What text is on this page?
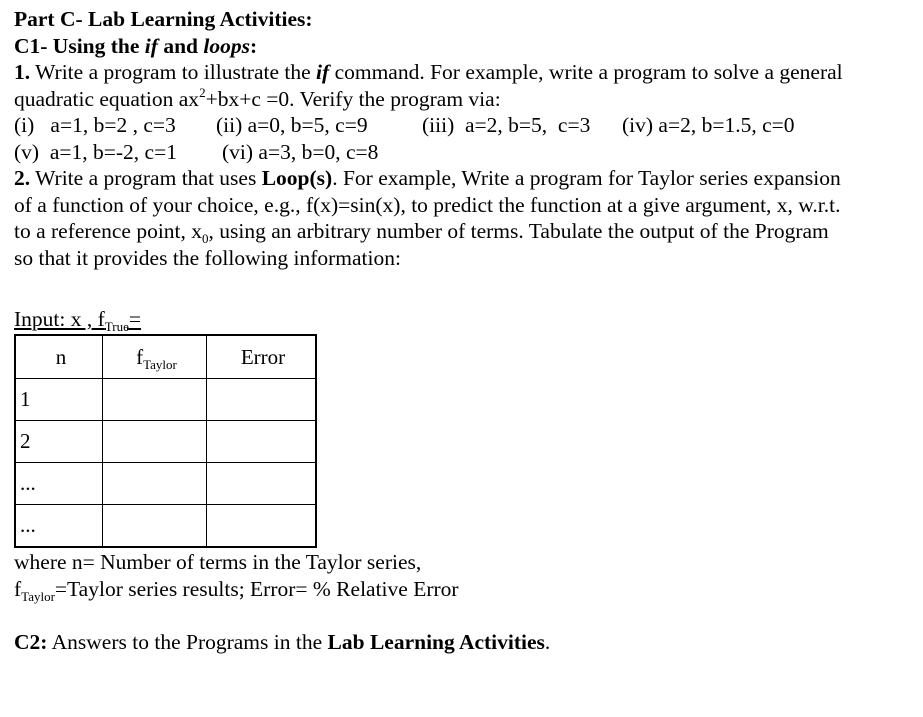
Part C- Lab Learning Activities:
C1- Using the if and loops:
1. Write a program to illustrate the if command. For example, write a program to solve a general
quadratic equation $ax^2+bx+c =0$. Verify the program via:
(i)   a=1, b=2 , c=3 (ii) a=0, b=5, c=9	(iii)  a=2, b=5,  c=3 (iv) a=2, b=1.5, c=0
(v)  a=1, b=-2, c=1 (vi) a=3, b=0, c=8
2. Write a program that uses Loop(s). For example, Write a program for Taylor series expansion
of a function of your choice, e.g., f(x)=sin(x), to predict the function at a give argument, x, w.r.t.
to a reference point, $x_0$, using an arbitrary number of terms. Tabulate the output of the Program
so that it provides the following information:
Input: x , $f_{True}=$
n	$f_{Taylor}$	Error
1		
2		
...		
...		
where n= Number of terms in the Taylor series,
$f_{Taylor}=Taylor$ series results; Error= % Relative Error
C2: Answers to the Programs in the Lab Learning Activities.
